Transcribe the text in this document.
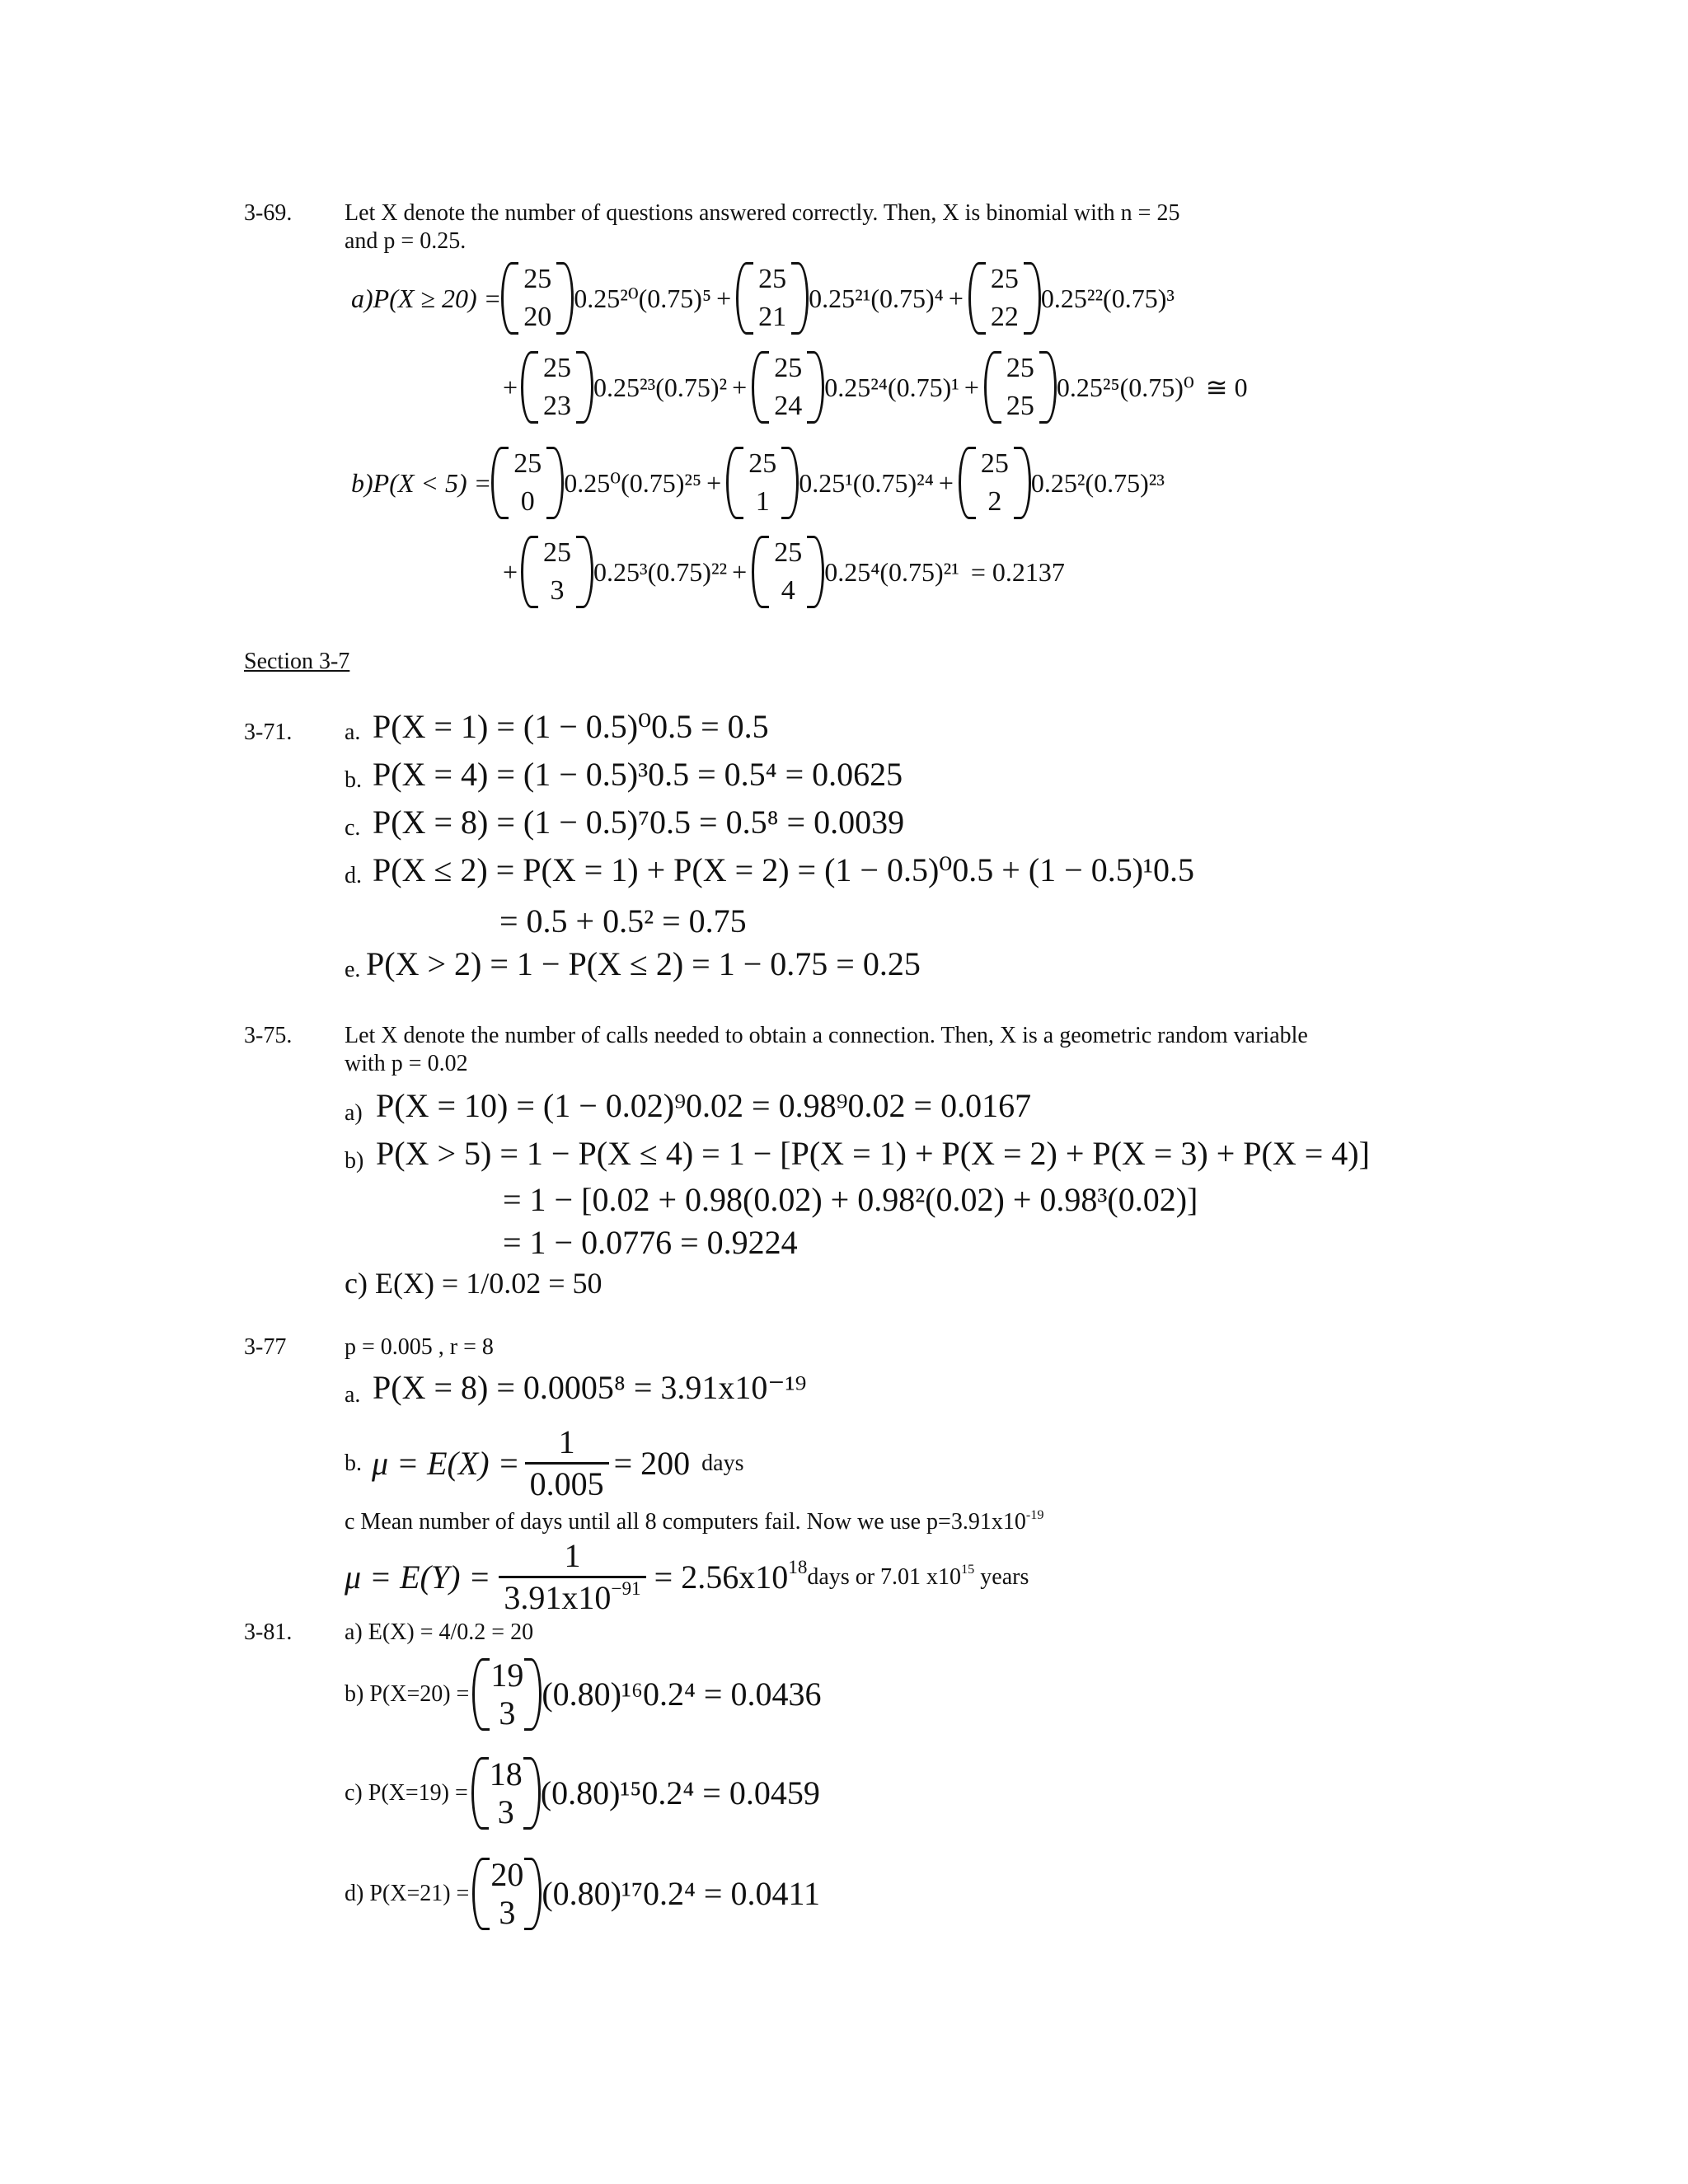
3-69. Let X denote the number of questions answered correctly. Then, X is binomial with n = 25
and p = 0.25.
a)P(X ≥ 20) =
25
20
0.25²⁰(0.75)⁵ +
25
21
0.25²¹(0.75)⁴ +
25
22
0.25²²(0.75)³
+
25
23
0.25²³(0.75)² +
25
24
0.25²⁴(0.75)¹ +
25
25
0.25²⁵(0.75)⁰ ≅ 0
b)P(X < 5) =
25
0
0.25⁰(0.75)²⁵ +
25
1
0.25¹(0.75)²⁴ +
25
2
0.25²(0.75)²³
+
25
3
0.25³(0.75)²² +
25
4
0.25⁴(0.75)²¹ = 0.2137
Section 3-7
3-71. a. P(X = 1) = (1 − 0.5)⁰0.5 = 0.5
b. P(X = 4) = (1 − 0.5)³0.5 = 0.5⁴ = 0.0625
c. P(X = 8) = (1 − 0.5)⁷0.5 = 0.5⁸ = 0.0039
d. P(X ≤ 2) = P(X = 1) + P(X = 2) = (1 − 0.5)⁰0.5 + (1 − 0.5)¹0.5
= 0.5 + 0.5² = 0.75
e. P(X > 2) = 1 − P(X ≤ 2) = 1 − 0.75 = 0.25
3-75. Let X denote the number of calls needed to obtain a connection. Then, X is a geometric random variable
with p = 0.02
a) P(X = 10) = (1 − 0.02)⁹0.02 = 0.98⁹0.02 = 0.0167
b) P(X > 5) = 1 − P(X ≤ 4) = 1 − [P(X = 1) + P(X = 2) + P(X = 3) + P(X = 4)]
= 1 − [0.02 + 0.98(0.02) + 0.98²(0.02) + 0.98³(0.02)]
= 1 − 0.0776 = 0.9224
c) E(X) = 1/0.02 = 50
3-77	p = 0.005 , r = 8
a. P(X = 8) = 0.0005⁸ = 3.91x10⁻¹⁹
b. $\mu = E(X) = \frac{1}{0.005} = 200$ days
c Mean number of days until all 8 computers fail. Now we use $p=3.91x10^{-19}$
$\mu = E(Y) = \frac{1}{3.91x10^{-91}} = 2.56x10^{18}$ days or 7.01 $x10^{15}$ years
3-81. a) E(X) = 4/0.2 = 20
b) P(X=20) =
19
3
(0.80)¹⁶0.2⁴ = 0.0436
c) P(X=19) =
18
3
(0.80)¹⁵0.2⁴ = 0.0459
d) P(X=21) =
20
3
(0.80)¹⁷0.2⁴ = 0.0411
